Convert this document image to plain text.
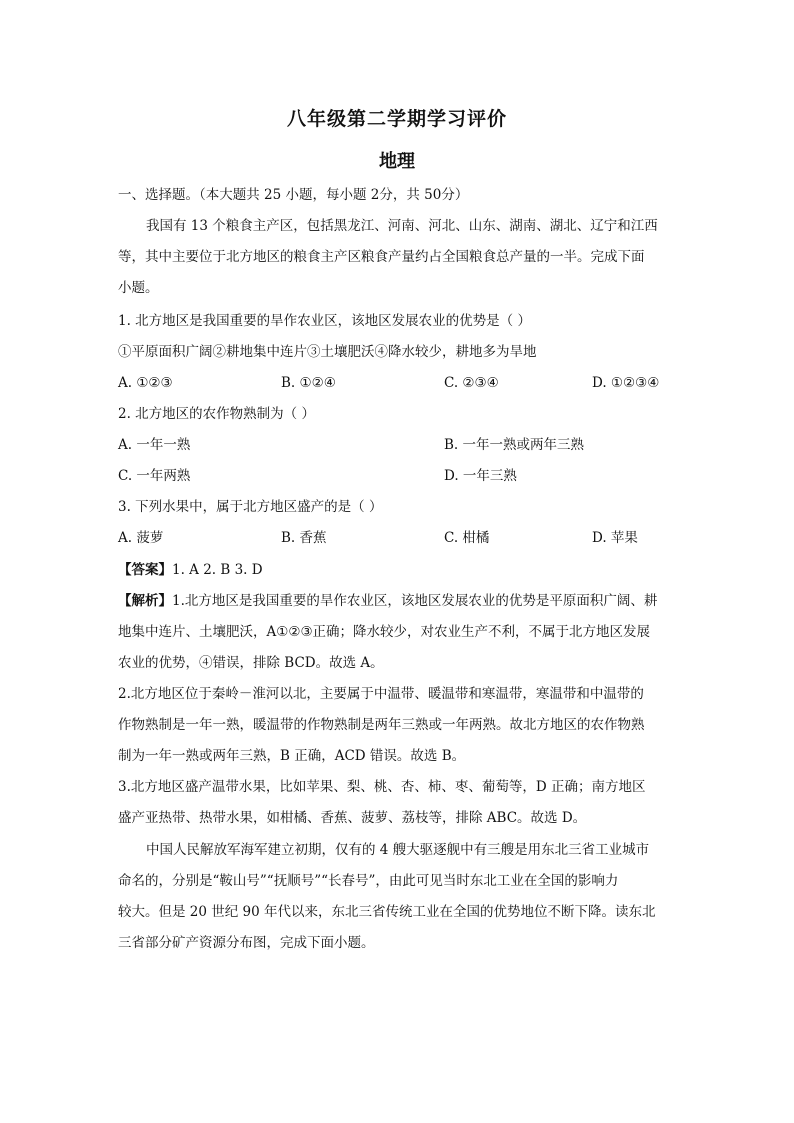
八年级第二学期学习评价
地理
一、选择题。（本大题共 25 小题，每小题 2分，共 50分）
我国有 13 个粮食主产区，包括黑龙江、河南、河北、山东、湖南、湖北、辽宁和江西
等，其中主要位于北方地区的粮食主产区粮食产量约占全国粮食总产量的一半。完成下面
小题。
1. 北方地区是我国重要的旱作农业区，该地区发展农业的优势是（ ）
①平原面积广阔②耕地集中连片③土壤肥沃④降水较少，耕地多为旱地
A. ①②③	B. ①②④	C. ②③④	D. ①②③④
2. 北方地区的农作物熟制为（ ）
A. 一年一熟	B. 一年一熟或两年三熟
C. 一年两熟	D. 一年三熟
3. 下列水果中，属于北方地区盛产的是（ ）
A. 菠萝	B. 香蕉	C. 柑橘	D. 苹果
【答案】1. A 2. B 3. D
【解析】1.北方地区是我国重要的旱作农业区，该地区发展农业的优势是平原面积广阔、耕
地集中连片、土壤肥沃，A①②③正确；降水较少，对农业生产不利，不属于北方地区发展
农业的优势，④错误，排除 BCD。故选 A。
2.北方地区位于秦岭－淮河以北，主要属于中温带、暖温带和寒温带，寒温带和中温带的
作物熟制是一年一熟，暖温带的作物熟制是两年三熟或一年两熟。故北方地区的农作物熟
制为一年一熟或两年三熟，B 正确，ACD 错误。故选 B。
3.北方地区盛产温带水果，比如苹果、梨、桃、杏、柿、枣、葡萄等，D 正确；南方地区
盛产亚热带、热带水果，如柑橘、香蕉、菠萝、荔枝等，排除 ABC。故选 D。
中国人民解放军海军建立初期，仅有的 4 艘大驱逐舰中有三艘是用东北三省工业城市
命名的，分别是“鞍山号”“抚顺号”“长春号”，由此可见当时东北工业在全国的影响力
较大。但是 20 世纪 90 年代以来，东北三省传统工业在全国的优势地位不断下降。读东北
三省部分矿产资源分布图，完成下面小题。
